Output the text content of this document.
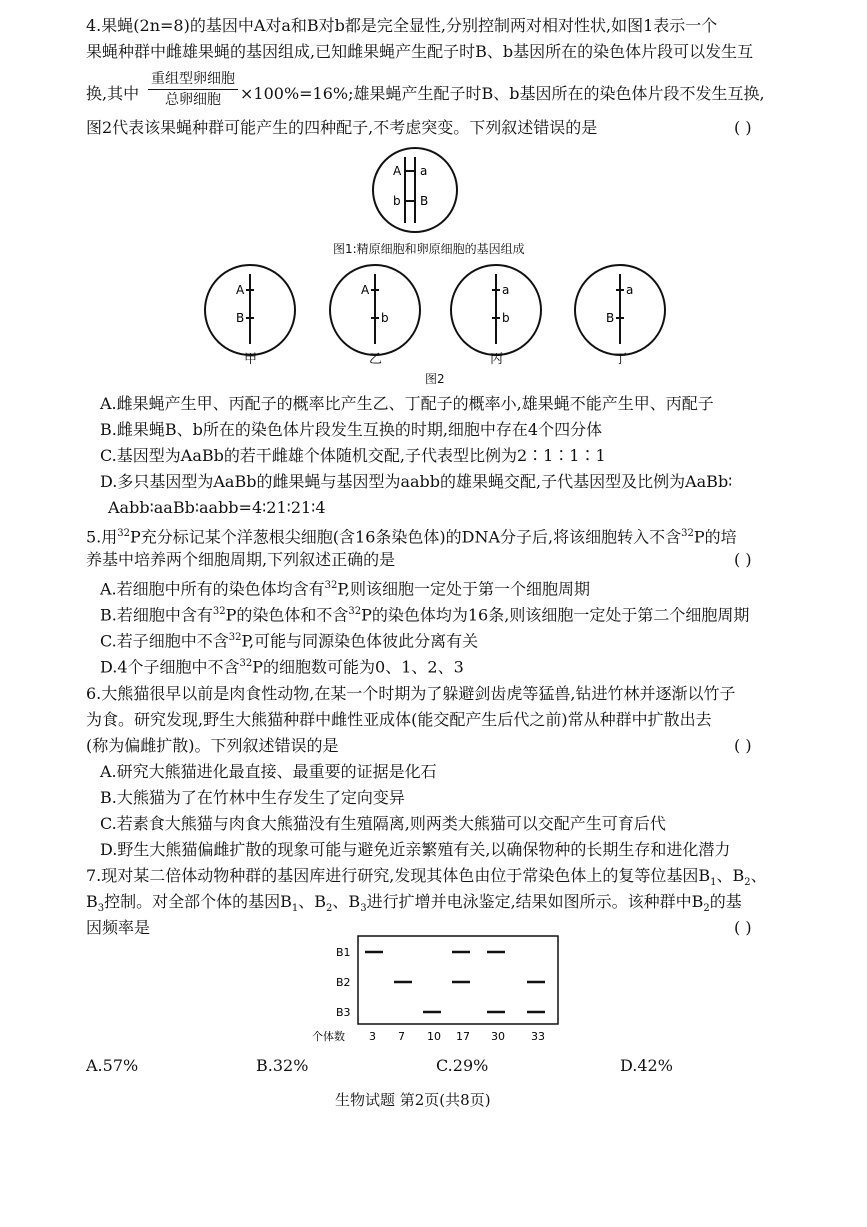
4.果蝇(2n=8)的基因中A对a和B对b都是完全显性,分别控制两对相对性状,如图1表示一个
果蝇种群中雌雄果蝇的基因组成,已知雌果蝇产生配子时B、b基因所在的染色体片段可以发生互
换,其中
重组型卵细胞
总卵细胞	×100%=16%;雄果蝇产生配子时B、b基因所在的染色体片段不发生互换,
图2代表该果蝇种群可能产生的四种配子,不考虑突变。下列叙述错误的是	( )
A
b
a
B
图1:精原细胞和卵原细胞的基因组成
A
B
甲
A
b
乙
a
b
丙
a
B
丁
图2
A.雌果蝇产生甲、丙配子的概率比产生乙、丁配子的概率小,雄果蝇不能产生甲、丙配子
B.雌果蝇B、b所在的染色体片段发生互换的时期,细胞中存在4个四分体
C.基因型为AaBb的若干雌雄个体随机交配,子代表型比例为2∶1∶1∶1
D.多只基因型为AaBb的雌果蝇与基因型为aabb的雄果蝇交配,子代基因型及比例为AaBb∶
Aabb∶aaBb∶aabb=4∶21∶21∶4
5.用$^{32}$P充分标记某个洋葱根尖细胞(含16条染色体)的DNA分子后,将该细胞转入不含$^{32}$P的培
养基中培养两个细胞周期,下列叙述正确的是	( )
A.若细胞中所有的染色体均含有$^{32}$P,则该细胞一定处于第一个细胞周期
B.若细胞中含有$^{32}$P的染色体和不含$^{32}$P的染色体均为16条,则该细胞一定处于第二个细胞周期
C.若子细胞中不含$^{32}$P,可能与同源染色体彼此分离有关
D.4个子细胞中不含$^{32}$P的细胞数可能为0、1、2、3
6.大熊猫很早以前是肉食性动物,在某一个时期为了躲避剑齿虎等猛兽,钻进竹林并逐渐以竹子
为食。研究发现,野生大熊猫种群中雌性亚成体(能交配产生后代之前)常从种群中扩散出去
(称为偏雌扩散)。下列叙述错误的是	( )
A.研究大熊猫进化最直接、最重要的证据是化石
B.大熊猫为了在竹林中生存发生了定向变异
C.若素食大熊猫与肉食大熊猫没有生殖隔离,则两类大熊猫可以交配产生可育后代
D.野生大熊猫偏雌扩散的现象可能与避免近亲繁殖有关,以确保物种的长期生存和进化潜力
7.现对某二倍体动物种群的基因库进行研究,发现其体色由位于常染色体上的复等位基因$B_1$、$B_2$、
$B_3$控制。对全部个体的基因$B_1$、$B_2$、$B_3$进行扩增并电泳鉴定,结果如图所示。该种群中$B_2$的基
因频率是	( )
B1
B2
B3
3 7 10 17 30 33
个体数
A.57%	B.32%	C.29%	D.42%
生物试题 第2页(共8页)
